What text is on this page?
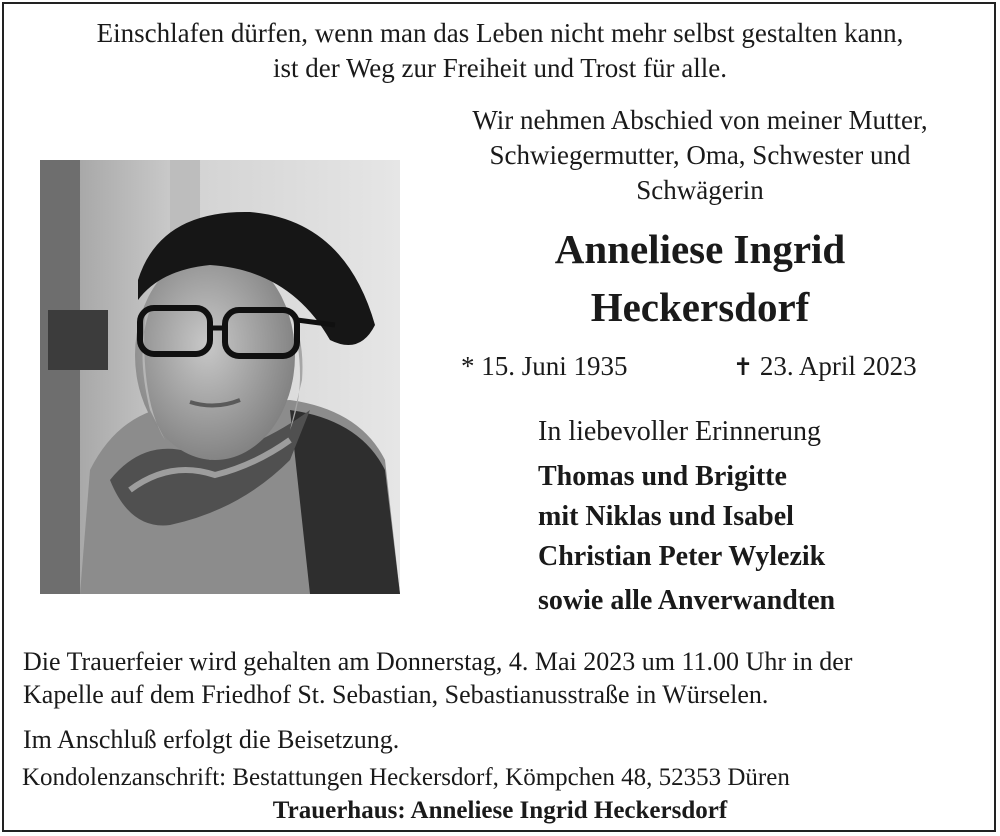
Einschlafen dürfen, wenn man das Leben nicht mehr selbst gestalten kann,
ist der Weg zur Freiheit und Trost für alle.
Wir nehmen Abschied von meiner Mutter,
Schwiegermutter, Oma, Schwester und
Schwägerin
Anneliese Ingrid
Heckersdorf
* 15. Juni 1935	✝ 23. April 2023
In liebevoller Erinnerung
Thomas und Brigitte
mit Niklas und Isabel
Christian Peter Wylezik
sowie alle Anverwandten
Die Trauerfeier wird gehalten am Donnerstag, 4. Mai 2023 um 11.00 Uhr in der
Kapelle auf dem Friedhof St. Sebastian, Sebastianusstraße in Würselen.
Im Anschluß erfolgt die Beisetzung.
Kondolenzanschrift: Bestattungen Heckersdorf, Kömpchen 48, 52353 Düren
Trauerhaus: Anneliese Ingrid Heckersdorf
